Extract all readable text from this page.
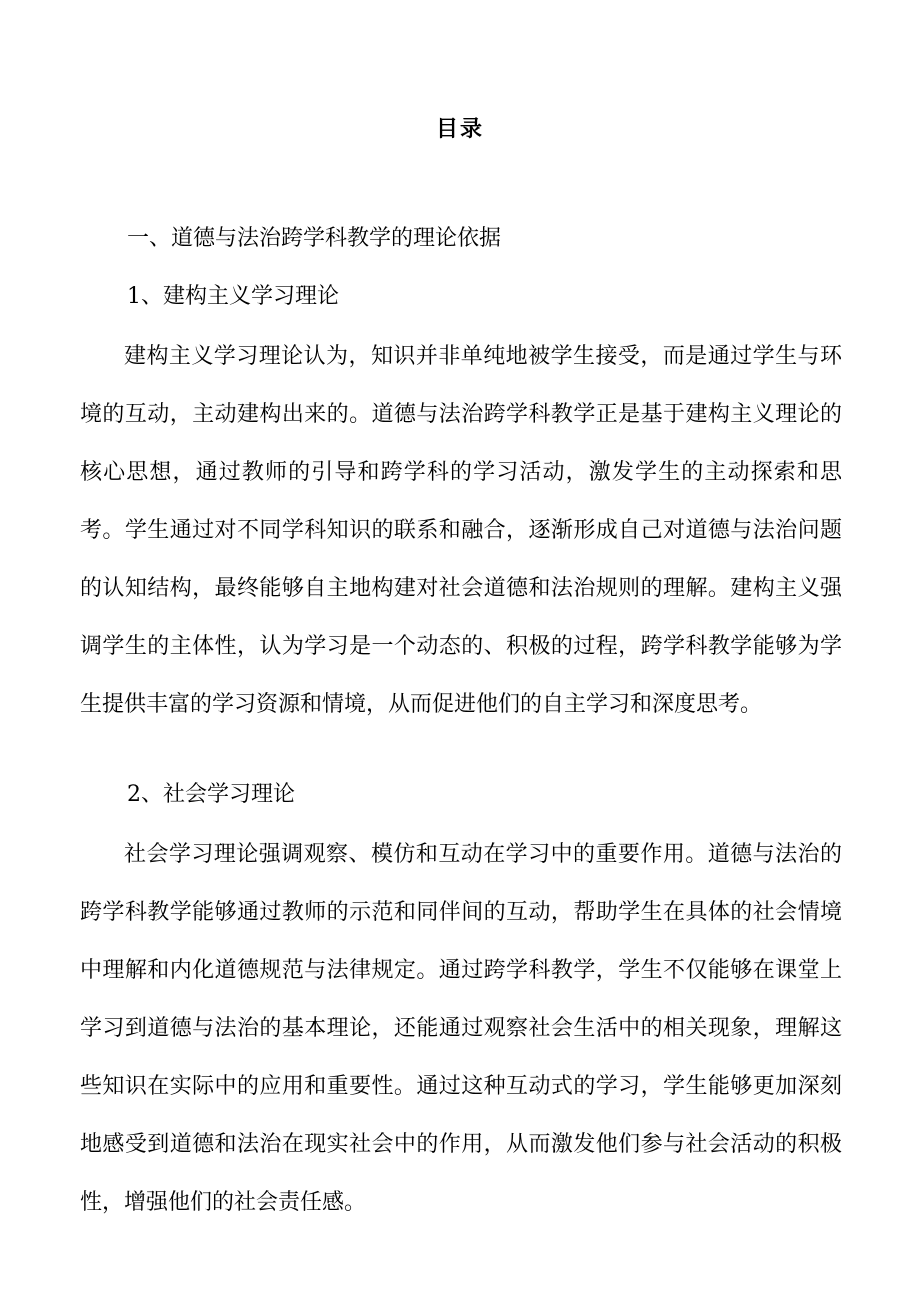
目录
一、道德与法治跨学科教学的理论依据
1、建构主义学习理论

建构主义学习理论认为，知识并非单纯地被学生接受，而是通过学生与环境的互动，主动建构出来的。道德与法治跨学科教学正是基于建构主义理论的核心思想，通过教师的引导和跨学科的学习活动，激发学生的主动探索和思考。学生通过对不同学科知识的联系和融合，逐渐形成自己对道德与法治问题的认知结构，最终能够自主地构建对社会道德和法治规则的理解。建构主义强调学生的主体性，认为学习是一个动态的、积极的过程，跨学科教学能够为学生提供丰富的学习资源和情境，从而促进他们的自主学习和深度思考。

2、社会学习理论

社会学习理论强调观察、模仿和互动在学习中的重要作用。道德与法治的跨学科教学能够通过教师的示范和同伴间的互动，帮助学生在具体的社会情境中理解和内化道德规范与法律规定。通过跨学科教学，学生不仅能够在课堂上学习到道德与法治的基本理论，还能通过观察社会生活中的相关现象，理解这些知识在实际中的应用和重要性。通过这种互动式的学习，学生能够更加深刻地感受到道德和法治在现实社会中的作用，从而激发他们参与社会活动的积极性，增强他们的社会责任感。
